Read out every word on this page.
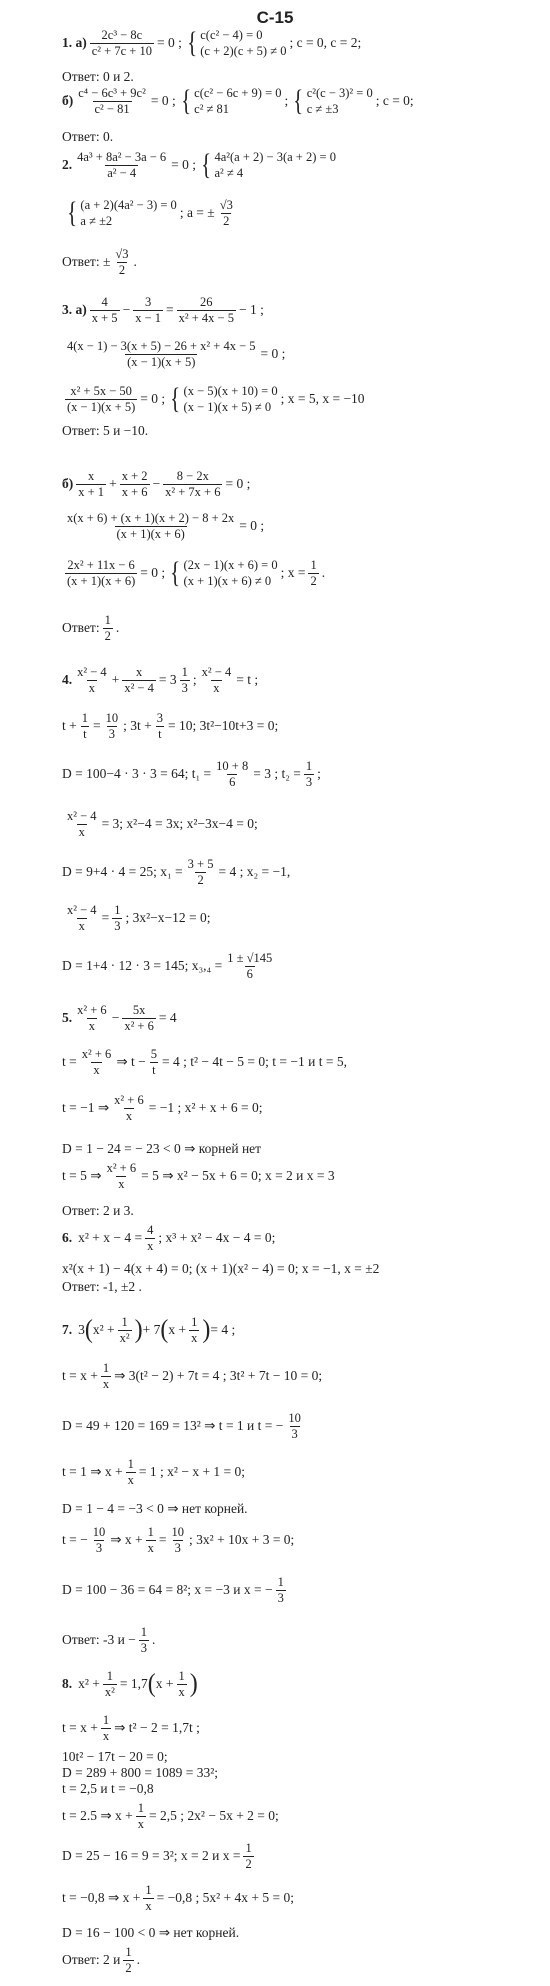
С-15
1. $а) \frac{\text{2c³ − 8c}}{\text{c² + 7c + 10}} = 0$ ; { c(c² − 4) = 0
(c + 2)(c + 5) ≠ 0
; c = 0, c = 2;
Ответ: 0 и 2.
$б) \frac{\text{c⁴ − 6c³ + 9c²}}{\text{c² − 81}} = 0$ ; { c(c² − 6c + 9) = 0
c² ≠ 81
; { c²(c − 3)² = 0
c ≠ ±3
; c = 0;
Ответ: 0.
2. $\frac{\text{4a³ + 8a² − 3a − 6}}{\text{a² − 4}} = 0$ ; { 4a²(a + 2) − 3(a + 2) = 0
a² ≠ 4
{ (a + 2)(4a² − 3) = 0
a ≠ ±2
; a = ± $\frac{√3}{2}$
Ответ: ± $\frac{√3}{2}$ .
3. $а) \frac{4}{x + 5} - \frac{3}{x - 1} = \frac{26}{\text{x² + 4x − 5}} - 1$ ;
$\frac{\text{4(x − 1) − 3(x + 5) − 26 + x² + 4x − 5}}{(x - 1)(x + 5)} = 0$ ;
$\frac{\text{x² + 5x − 50}}{(x - 1)(x + 5)} = 0$ ; { (x − 5)(x + 10) = 0
(x − 1)(x + 5) ≠ 0
; x = 5, x = −10
Ответ: 5 и −10.
$б) \frac{x}{x + 1} + \frac{x + 2}{x + 6} - \frac{8 - 2x}{\text{x² + 7x + 6}} = 0$ ;
$\frac{x(x + 6) + (x + 1)(x + 2) - 8 + 2x}{(x + 1)(x + 6)} = 0$ ;
$\frac{\text{2x² + 11x − 6}}{(x + 1)(x + 6)} = 0$ ; { (2x − 1)(x + 6) = 0
(x + 1)(x + 6) ≠ 0
; $x = \frac{1}{2}$ .
Ответ: $\frac{1}{2}$ .
4. $\frac{\text{x² − 4}}{x} + \frac{x}{\text{x² − 4}} = 3 \frac{1}{3}$ ; $\frac{\text{x² − 4}}{x} = t$ ;
$t + \frac{1}{t} = \frac{10}{3}$ ; $3t + \frac{3}{t} = 10$; 3t²−10t+3 = 0;
D = 100−4 · 3 · 3 = 64; $t_1 = \frac{10 + 8}{6} = 3$ ; $t_2 = \frac{1}{3}$ ;
$\frac{\text{x² − 4}}{x} = 3$; x²−4 = 3x; x²−3x−4 = 0;
D = 9+4 · 4 = 25; $x_1 = \frac{3 + 5}{2} = 4$ ; x₂ = −1,
$\frac{\text{x² − 4}}{x} = \frac{1}{3}$ ; 3x²−x−12 = 0;
D = 1+4 · 12 · 3 = 145; $x_3,_4 = \frac{1 \pm √145}{6}$
5. $\frac{\text{x² + 6}}{x} - \frac{5x}{\text{x² + 6}} = 4$
$t = \frac{\text{x² + 6}}{x}$ ⇒ $t - \frac{5}{t} = 4$ ; t² − 4t − 5 = 0; t = −1 и t = 5,
t = −1 ⇒ $\frac{\text{x² + 6}}{x} = -1$ ; x² + x + 6 = 0;
D = 1 − 24 = − 23 < 0 ⇒ корней нет
t = 5 ⇒ $\frac{\text{x² + 6}}{x} = 5$ ⇒ x² − 5x + 6 = 0; x = 2 и x = 3
Ответ: 2 и 3.
6. $x^2 + x - 4 = \frac{4}{x}$ ; x³ + x² − 4x − 4 = 0;
x²(x + 1) − 4(x + 4) = 0; (x + 1)(x² − 4) = 0; x = −1, x = ±2
Ответ: -1, ±2 .
7. 3 ( $x^2 + \frac{1}{\text{x²}}$ ) + 7 ( $x + \frac{1}{x}$ ) = 4 ;
$t = x + \frac{1}{x}$ ⇒ 3(t² − 2) + 7t = 4 ; 3t² + 7t − 10 = 0;
D = 49 + 120 = 169 = 13² ⇒ t = 1 и t = − $\frac{10}{3}$
t = 1 ⇒ $x + \frac{1}{x} = 1$ ; x² − x + 1 = 0;
D = 1 − 4 = −3 < 0 ⇒ нет корней.
t = − $\frac{10}{3}$ ⇒ $x + \frac{1}{x} = \frac{10}{3}$ ; 3x² + 10x + 3 = 0;
D = 100 − 36 = 64 = 8²; x = −3 и x = − $\frac{1}{3}$
Ответ: -3 $и - \frac{1}{3}$ .
8. $x^2 + \frac{1}{\text{x²}} = 1,7$ ( $x + \frac{1}{x}$ )
$t = x + \frac{1}{x}$ ⇒ t² − 2 = 1,7t ;
10t² − 17t − 20 = 0;
D = 289 + 800 = 1089 = 33²;
t = 2,5 и t = −0,8
t = 2.5 ⇒ $x + \frac{1}{x} = 2,5$ ; 2x² − 5x + 2 = 0;
D = 25 − 16 = 9 = 3²; x = 2 и $x = \frac{1}{2}$
t = −0,8 ⇒ $x + \frac{1}{x} = -0,8$ ; 5x² + 4x + 5 = 0;
D = 16 − 100 < 0 ⇒ нет корней.
Ответ: 2 и $\frac{1}{2}$ .
